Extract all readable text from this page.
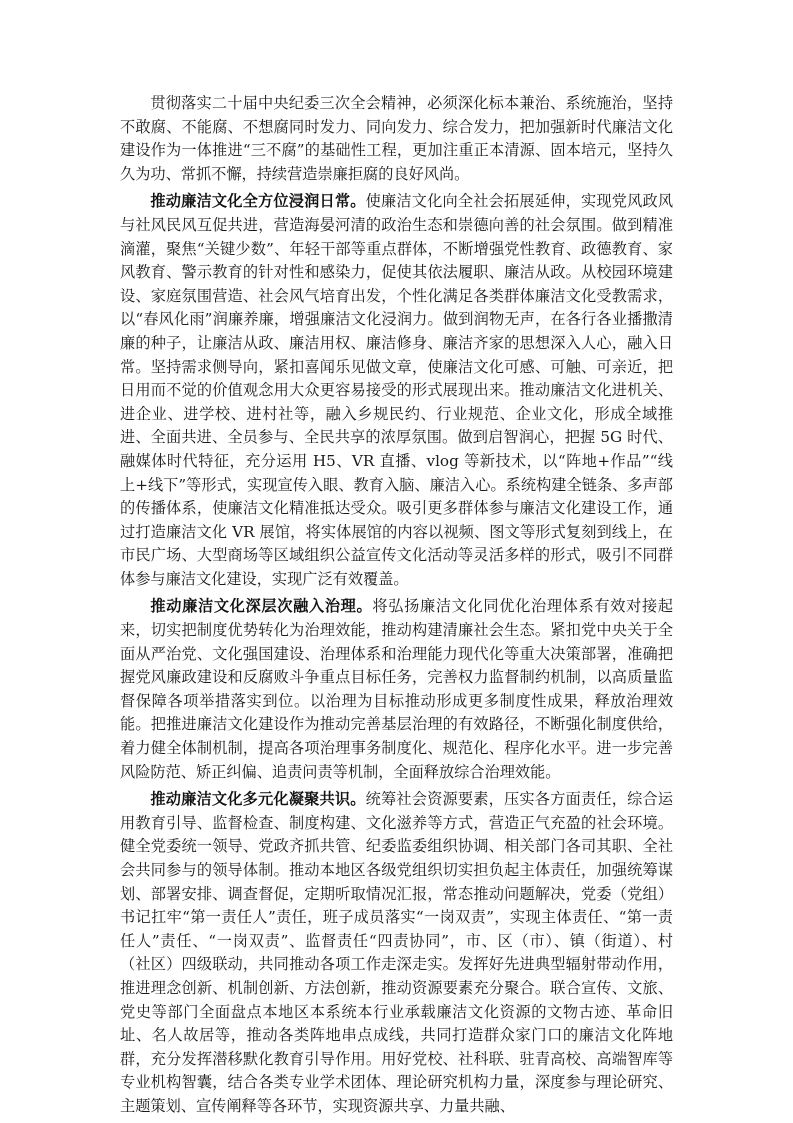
贯彻落实二十届中央纪委三次全会精神，必须深化标本兼治、系统施治，坚持不敢腐、不能腐、不想腐同时发力、同向发力、综合发力，把加强新时代廉洁文化建设作为一体推进“三不腐”的基础性工程，更加注重正本清源、固本培元，坚持久久为功、常抓不懈，持续营造崇廉拒腐的良好风尚。

推动廉洁文化全方位浸润日常。使廉洁文化向全社会拓展延伸，实现党风政风与社风民风互促共进，营造海晏河清的政治生态和崇德向善的社会氛围。做到精准滴灌，聚焦“关键少数”、年轻干部等重点群体，不断增强党性教育、政德教育、家风教育、警示教育的针对性和感染力，促使其依法履职、廉洁从政。从校园环境建设、家庭氛围营造、社会风气培育出发，个性化满足各类群体廉洁文化受教需求，以“春风化雨”润廉养廉，增强廉洁文化浸润力。做到润物无声，在各行各业播撒清廉的种子，让廉洁从政、廉洁用权、廉洁修身、廉洁齐家的思想深入人心，融入日常。坚持需求侧导向，紧扣喜闻乐见做文章，使廉洁文化可感、可触、可亲近，把日用而不觉的价值观念用大众更容易接受的形式展现出来。推动廉洁文化进机关、进企业、进学校、进村社等，融入乡规民约、行业规范、企业文化，形成全域推进、全面共进、全员参与、全民共享的浓厚氛围。做到启智润心，把握 5G 时代、融媒体时代特征，充分运用 H5、VR 直播、vlog 等新技术，以“阵地+作品”“线上+线下”等形式，实现宣传入眼、教育入脑、廉洁入心。系统构建全链条、多声部的传播体系，使廉洁文化精准抵达受众。吸引更多群体参与廉洁文化建设工作，通过打造廉洁文化 VR 展馆，将实体展馆的内容以视频、图文等形式复刻到线上，在市民广场、大型商场等区域组织公益宣传文化活动等灵活多样的形式，吸引不同群体参与廉洁文化建设，实现广泛有效覆盖。

推动廉洁文化深层次融入治理。将弘扬廉洁文化同优化治理体系有效对接起来，切实把制度优势转化为治理效能，推动构建清廉社会生态。紧扣党中央关于全面从严治党、文化强国建设、治理体系和治理能力现代化等重大决策部署，准确把握党风廉政建设和反腐败斗争重点目标任务，完善权力监督制约机制，以高质量监督保障各项举措落实到位。以治理为目标推动形成更多制度性成果，释放治理效能。把推进廉洁文化建设作为推动完善基层治理的有效路径，不断强化制度供给，着力健全体制机制，提高各项治理事务制度化、规范化、程序化水平。进一步完善风险防范、矫正纠偏、追责问责等机制，全面释放综合治理效能。

推动廉洁文化多元化凝聚共识。统筹社会资源要素，压实各方面责任，综合运用教育引导、监督检查、制度构建、文化滋养等方式，营造正气充盈的社会环境。健全党委统一领导、党政齐抓共管、纪委监委组织协调、相关部门各司其职、全社会共同参与的领导体制。推动本地区各级党组织切实担负起主体责任，加强统筹谋划、部署安排、调查督促，定期听取情况汇报，常态推动问题解决，党委（党组）书记扛牢“第一责任人”责任，班子成员落实“一岗双责”，实现主体责任、“第一责任人”责任、“一岗双责”、监督责任“四责协同”，市、区（市）、镇（街道）、村（社区）四级联动，共同推动各项工作走深走实。发挥好先进典型辐射带动作用，推进理念创新、机制创新、方法创新，推动资源要素充分聚合。联合宣传、文旅、党史等部门全面盘点本地区本系统本行业承载廉洁文化资源的文物古迹、革命旧址、名人故居等，推动各类阵地串点成线，共同打造群众家门口的廉洁文化阵地群，充分发挥潜移默化教育引导作用。用好党校、社科联、驻青高校、高端智库等专业机构智囊，结合各类专业学术团体、理论研究机构力量，深度参与理论研究、主题策划、宣传阐释等各环节，实现资源共享、力量共融、
